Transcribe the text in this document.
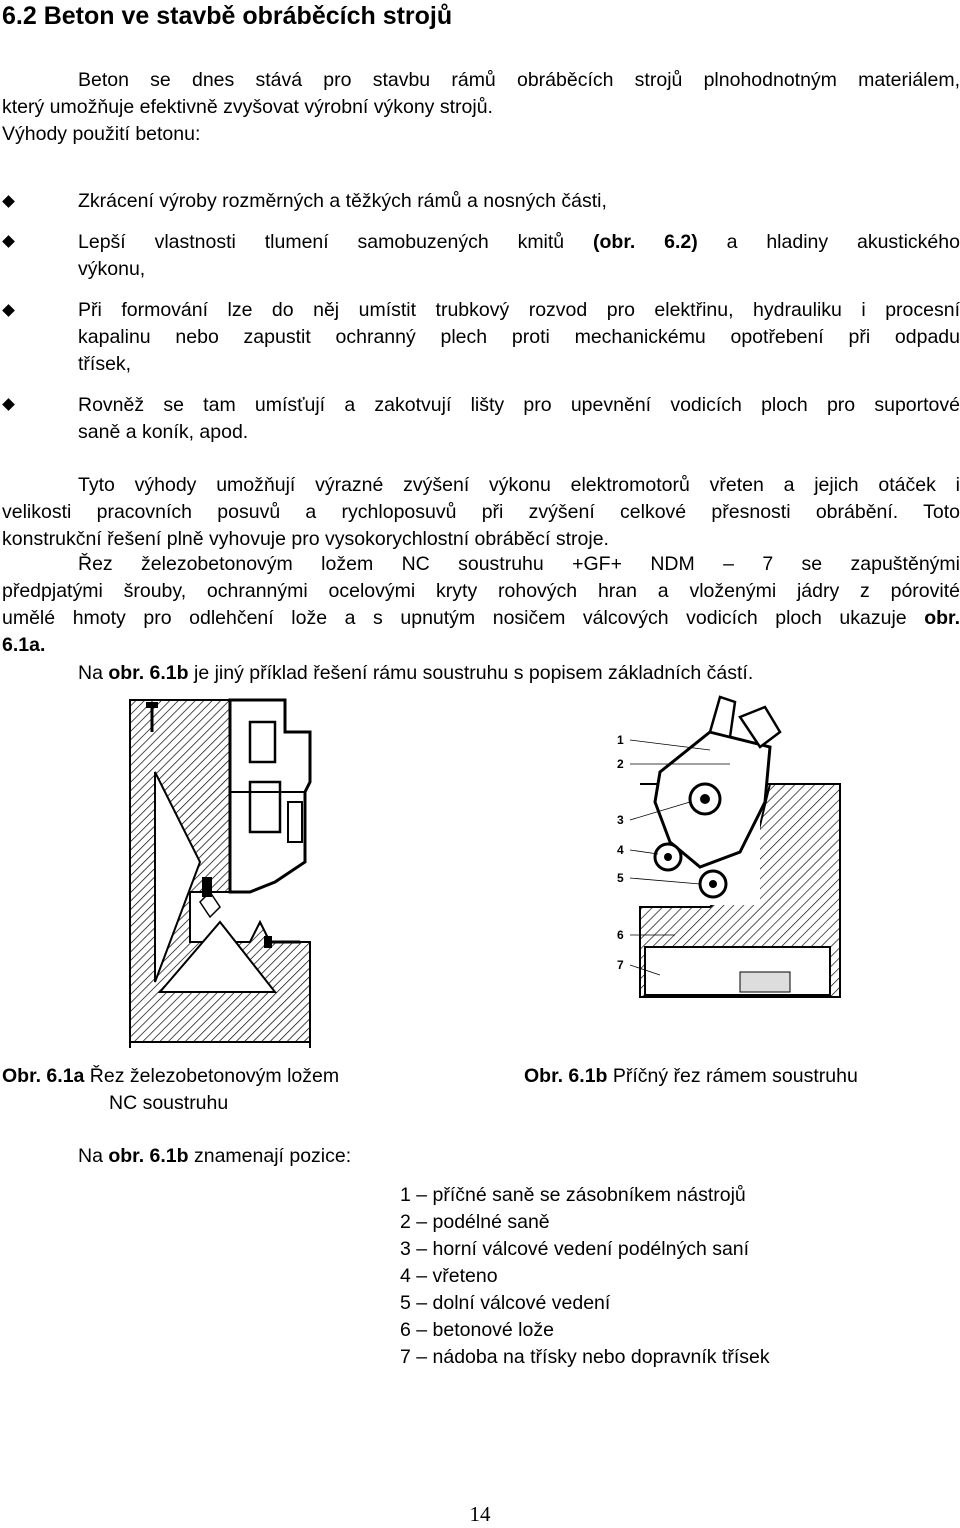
6.2 Beton ve stavbě obráběcích strojů
Beton se dnes stává pro stavbu rámů obráběcích strojů plnohodnotným materiálem,
který umožňuje efektivně zvyšovat výrobní výkony strojů.
Výhody použití betonu:
Zkrácení výroby rozměrných a těžkých rámů a nosných části,
Lepší vlastnosti tlumení samobuzených kmitů (obr. 6.2) a hladiny akustického
výkonu,
Při formování lze do něj umístit trubkový rozvod pro elektřinu, hydrauliku i procesní
kapalinu nebo zapustit ochranný plech proti mechanickému opotřebení při odpadu
třísek,
Rovněž se tam umísťují a zakotvují lišty pro upevnění vodicích ploch pro suportové
saně a koník, apod.
Tyto výhody umožňují výrazné zvýšení výkonu elektromotorů vřeten a jejich otáček i
velikosti pracovních posuvů a rychloposuvů při zvýšení celkové přesnosti obrábění. Toto
konstrukční řešení plně vyhovuje pro vysokorychlostní obráběcí stroje.
Řez železobetonovým ložem NC soustruhu +GF+ NDM – 7 se zapuštěnými
předpjatými šrouby, ochrannými ocelovými kryty rohových hran a vloženými jádry z pórovité
umělé hmoty pro odlehčení lože a s upnutým nosičem válcových vodicích ploch ukazuje obr.
6.1a.
Na obr. 6.1b je jiný příklad řešení rámu soustruhu s popisem základních částí.
1
2
3
4
5
6
7
Obr. 6.1a Řez železobetonovým ložem
NC soustruhu
Obr. 6.1b Příčný řez rámem soustruhu
Na obr. 6.1b znamenají pozice:
1 – příčné saně se zásobníkem nástrojů
2 – podélné saně
3 – horní válcové vedení podélných saní
4 – vřeteno
5 – dolní válcové vedení
6 – betonové lože
7 – nádoba na třísky nebo dopravník třísek
14
